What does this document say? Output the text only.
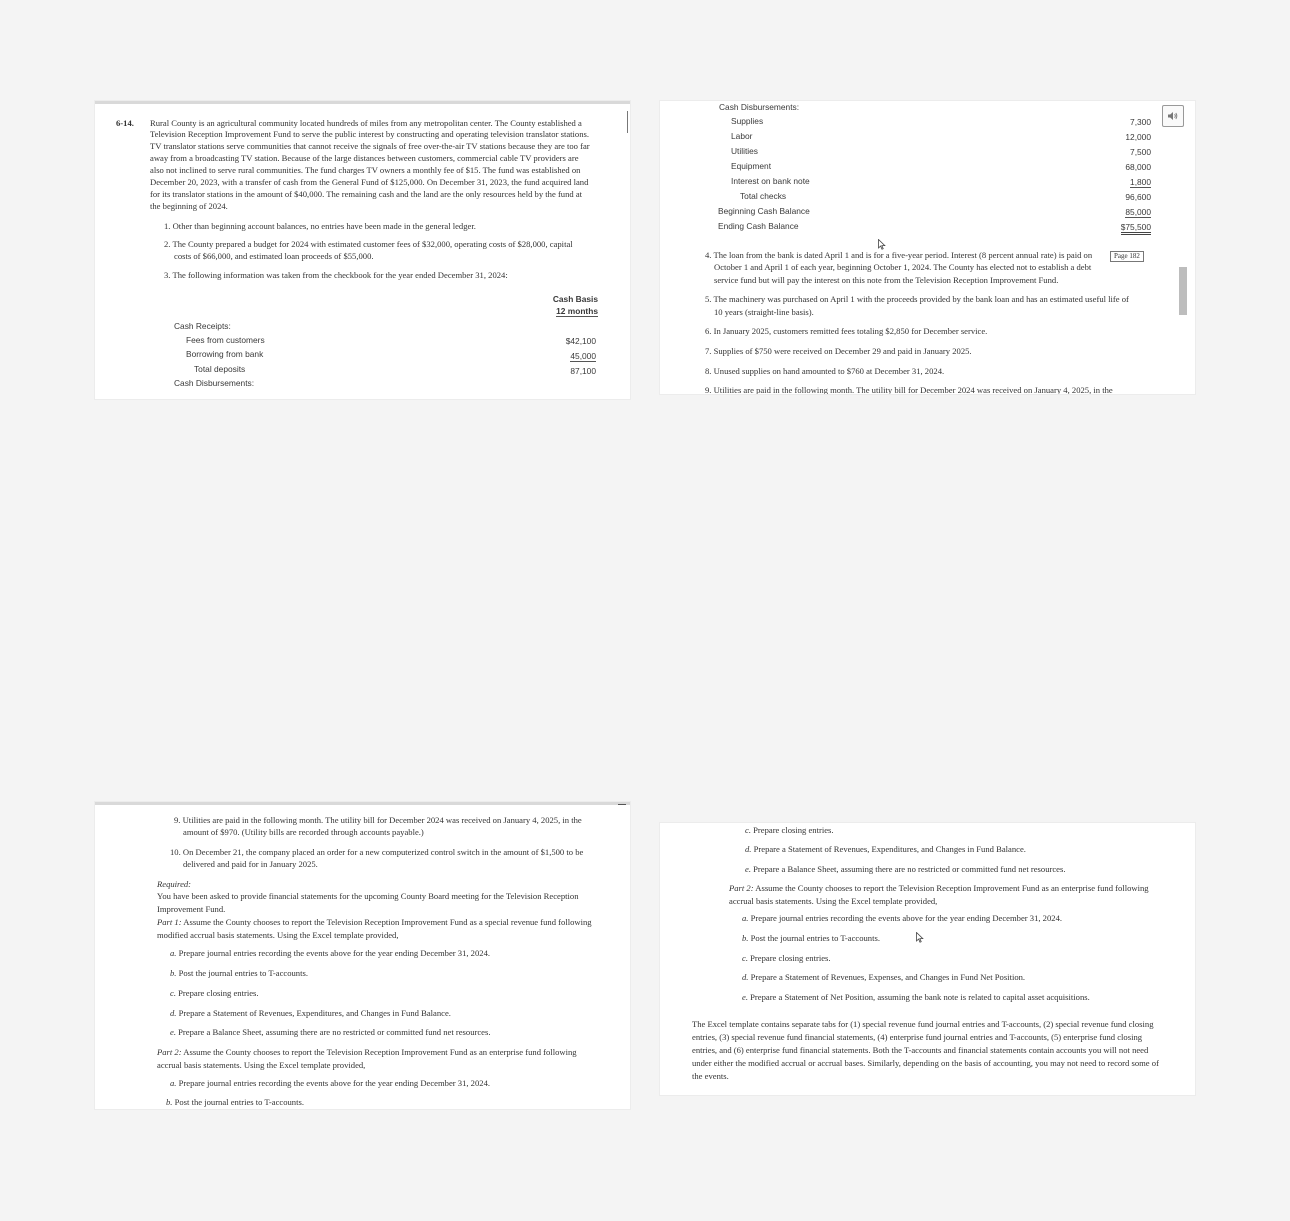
6-14. Rural County is an agricultural community located hundreds of miles from any metropolitan center. The County established a
Television Reception Improvement Fund to serve the public interest by constructing and operating television translator stations.
TV translator stations serve communities that cannot receive the signals of free over-the-air TV stations because they are too far
away from a broadcasting TV station. Because of the large distances between customers, commercial cable TV providers are
also not inclined to serve rural communities. The fund charges TV owners a monthly fee of $15. The fund was established on
December 20, 2023, with a transfer of cash from the General Fund of $125,000. On December 31, 2023, the fund acquired land
for its translator stations in the amount of $40,000. The remaining cash and the land are the only resources held by the fund at
the beginning of 2024.
1. Other than beginning account balances, no entries have been made in the general ledger.
2. The County prepared a budget for 2024 with estimated customer fees of $32,000, operating costs of $28,000, capital
costs of $66,000, and estimated loan proceeds of $55,000.
3. The following information was taken from the checkbook for the year ended December 31, 2024:
Cash Basis
12 months
Cash Receipts:
Fees from customers	$42,100
Borrowing from bank	45,000
Total deposits	87,100
Cash Disbursements:
Cash Disbursements:
Supplies	7,300
Labor	12,000
Utilities	7,500
Equipment	68,000
Interest on bank note	1,800
Total checks	96,600
Beginning Cash Balance	85,000
Ending Cash Balance	$75,500
4. The loan from the bank is dated April 1 and is for a five-year period. Interest (8 percent annual rate) is paid on
October 1 and April 1 of each year, beginning October 1, 2024. The County has elected not to establish a debt
service fund but will pay the interest on this note from the Television Reception Improvement Fund.
Page 182
5. The machinery was purchased on April 1 with the proceeds provided by the bank loan and has an estimated useful life of
10 years (straight-line basis).
6. In January 2025, customers remitted fees totaling $2,850 for December service.
7. Supplies of $750 were received on December 29 and paid in January 2025.
8. Unused supplies on hand amounted to $760 at December 31, 2024.
9. Utilities are paid in the following month. The utility bill for December 2024 was received on January 4, 2025, in the
9. Utilities are paid in the following month. The utility bill for December 2024 was received on January 4, 2025, in the
amount of $970. (Utility bills are recorded through accounts payable.)
10. On December 21, the company placed an order for a new computerized control switch in the amount of $1,500 to be
delivered and paid for in January 2025.
Required:
You have been asked to provide financial statements for the upcoming County Board meeting for the Television Reception
Improvement Fund.
Part 1: Assume the County chooses to report the Television Reception Improvement Fund as a special revenue fund following
modified accrual basis statements. Using the Excel template provided,
a. Prepare journal entries recording the events above for the year ending December 31, 2024.
b. Post the journal entries to T-accounts.
c. Prepare closing entries.
d. Prepare a Statement of Revenues, Expenditures, and Changes in Fund Balance.
e. Prepare a Balance Sheet, assuming there are no restricted or committed fund net resources.
Part 2: Assume the County chooses to report the Television Reception Improvement Fund as an enterprise fund following
accrual basis statements. Using the Excel template provided,
a. Prepare journal entries recording the events above for the year ending December 31, 2024.
b. Post the journal entries to T-accounts.
c. Prepare closing entries.
d. Prepare a Statement of Revenues, Expenditures, and Changes in Fund Balance.
e. Prepare a Balance Sheet, assuming there are no restricted or committed fund net resources.
Part 2: Assume the County chooses to report the Television Reception Improvement Fund as an enterprise fund following
accrual basis statements. Using the Excel template provided,
a. Prepare journal entries recording the events above for the year ending December 31, 2024.
b. Post the journal entries to T-accounts.
c. Prepare closing entries.
d. Prepare a Statement of Revenues, Expenses, and Changes in Fund Net Position.
e. Prepare a Statement of Net Position, assuming the bank note is related to capital asset acquisitions.
The Excel template contains separate tabs for (1) special revenue fund journal entries and T-accounts, (2) special revenue fund closing
entries, (3) special revenue fund financial statements, (4) enterprise fund journal entries and T-accounts, (5) enterprise fund closing
entries, and (6) enterprise fund financial statements. Both the T-accounts and financial statements contain accounts you will not need
under either the modified accrual or accrual bases. Similarly, depending on the basis of accounting, you may not need to record some of
the events.
